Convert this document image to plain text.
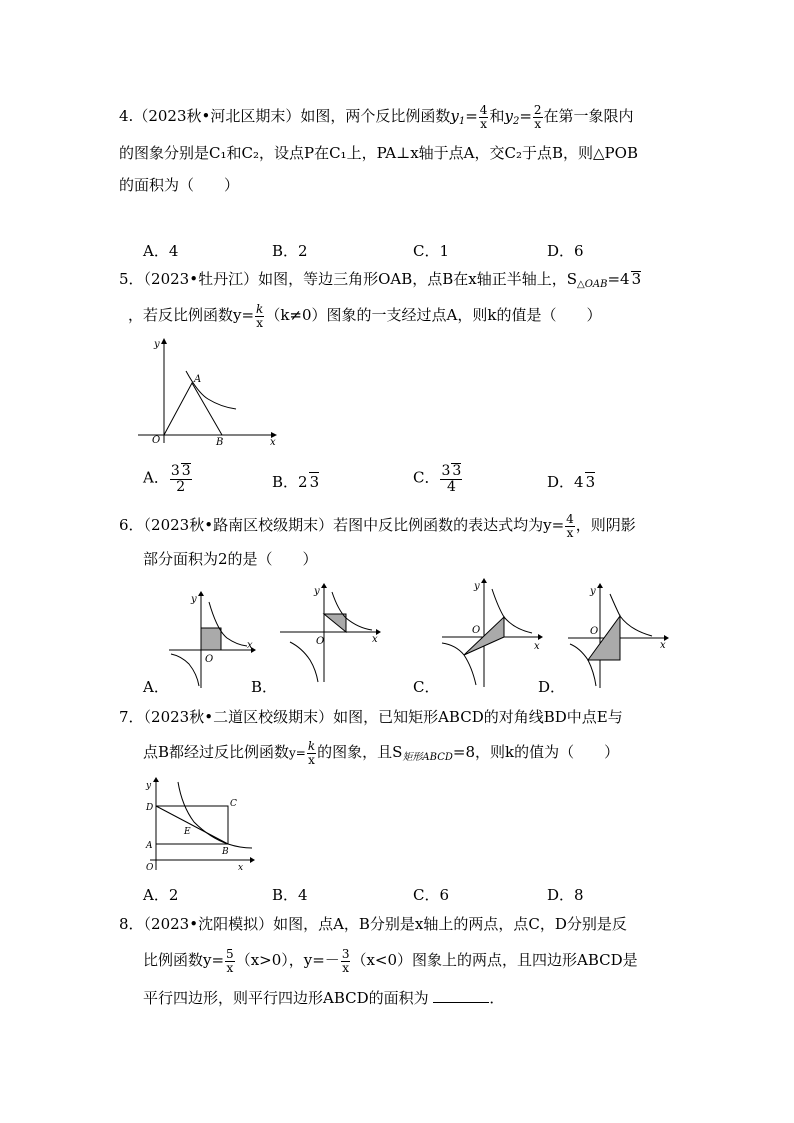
4.（2023秋•河北区期末）如图，两个反比例函数$y_1= \frac{4}{x}$ 和$y_2= \frac{2}{x}$ 在第一象限内
的图象分别是C₁和C₂，设点P在C₁上，PA⊥x轴于点A，交C₂于点B，则△POB
的面积为（　　）
A．4	B．2	C．1	D．6
5．（2023•牡丹江）如图，等边三角形OAB，点B在x轴正半轴上，$S_{\triangle OAB}=4$ 3
，若反比例函数$y= \frac{k}{x} (k\ne 0)$图象的一支经过点A，则k的值是（　　）
y
A
O	B	x
A． $\frac{3 3}{2}$	B．2 3	C． $\frac{3 3}{4}$	D．4 3
6．（2023秋•路南区校级期末）若图中反比例函数的表达式均为$y= \frac{4}{x}$ ，则阴影
部分面积为2的是（　　）
y
O
x
A．
y
O	x
B．
y
O
x
C．
y
O
x
D．
7．（2023秋•二道区校级期末）如图，已知矩形ABCD的对角线BD中点E与
点B都经过反比例函数$y= \frac{k}{x}$ 的图象，且$S_{矩形ABCD}=8$，则k的值为（　　）
y
D	C
E
A
B
O	x
A．2	B．4	C．6	D．8
8．（2023•沈阳模拟）如图，点A，B分别是x轴上的两点，点C，D分别是反
比例函数$y= \frac{5}{x} (x>0)$，$y=- \frac{3}{x} (x<0)$图象上的两点，且四边形ABCD是
平行四边形，则平行四边形ABCD的面积为	．
